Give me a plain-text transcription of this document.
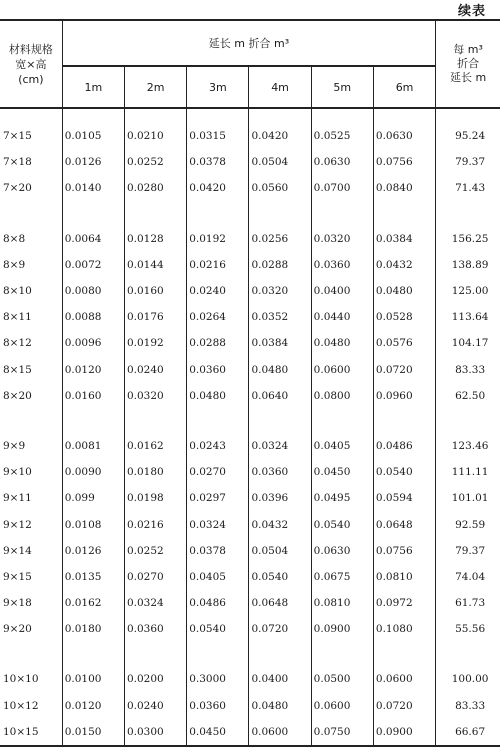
续表
材料规格
宽×高
(cm)	延长 m 折合 m³						每 m³
折合
延长 m
	1m	2m	3m	4m	5m	6m	
7×15	0.0105	0.0210	0.0315	0.0420	0.0525	0.0630	95.24
7×18	0.0126	0.0252	0.0378	0.0504	0.0630	0.0756	79.37
7×20	0.0140	0.0280	0.0420	0.0560	0.0700	0.0840	71.43

8×8	0.0064	0.0128	0.0192	0.0256	0.0320	0.0384	156.25
8×9	0.0072	0.0144	0.0216	0.0288	0.0360	0.0432	138.89
8×10	0.0080	0.0160	0.0240	0.0320	0.0400	0.0480	125.00
8×11	0.0088	0.0176	0.0264	0.0352	0.0440	0.0528	113.64
8×12	0.0096	0.0192	0.0288	0.0384	0.0480	0.0576	104.17
8×15	0.0120	0.0240	0.0360	0.0480	0.0600	0.0720	83.33
8×20	0.0160	0.0320	0.0480	0.0640	0.0800	0.0960	62.50

9×9	0.0081	0.0162	0.0243	0.0324	0.0405	0.0486	123.46
9×10	0.0090	0.0180	0.0270	0.0360	0.0450	0.0540	111.11
9×11	0.099	0.0198	0.0297	0.0396	0.0495	0.0594	101.01
9×12	0.0108	0.0216	0.0324	0.0432	0.0540	0.0648	92.59
9×14	0.0126	0.0252	0.0378	0.0504	0.0630	0.0756	79.37
9×15	0.0135	0.0270	0.0405	0.0540	0.0675	0.0810	74.04
9×18	0.0162	0.0324	0.0486	0.0648	0.0810	0.0972	61.73
9×20	0.0180	0.0360	0.0540	0.0720	0.0900	0.1080	55.56

10×10	0.0100	0.0200	0.3000	0.0400	0.0500	0.0600	100.00
10×12	0.0120	0.0240	0.0360	0.0480	0.0600	0.0720	83.33
10×15	0.0150	0.0300	0.0450	0.0600	0.0750	0.0900	66.67
